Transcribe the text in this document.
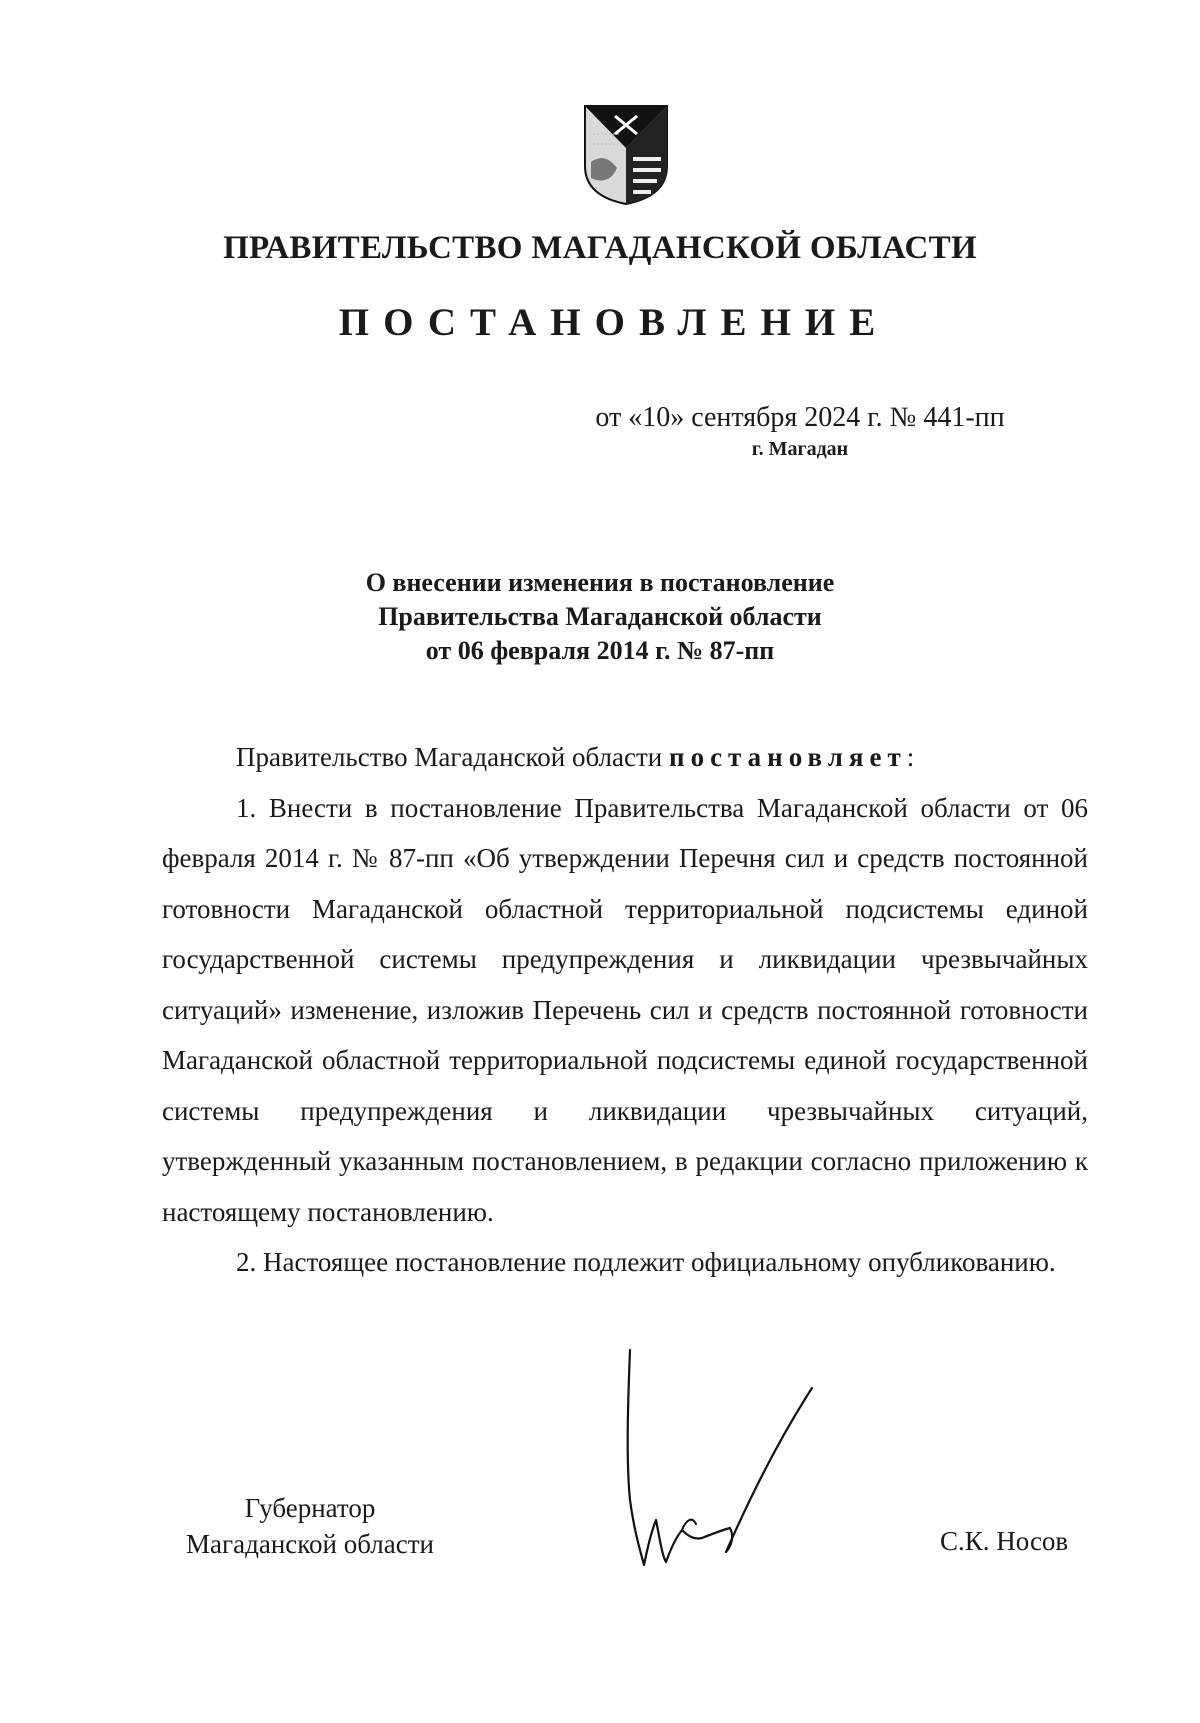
ПРАВИТЕЛЬСТВО МАГАДАНСКОЙ ОБЛАСТИ
ПОСТАНОВЛЕНИЕ
от «10» сентября 2024 г. № 441-пп
г. Магадан
О внесении изменения в постановление
Правительства Магаданской области
от 06 февраля 2014 г. № 87-пп

Правительство Магаданской области постановляет:

1. Внести в постановление Правительства Магаданской области от 06 февраля 2014 г. № 87-пп «Об утверждении Перечня сил и средств постоянной готовности Магаданской областной территориальной подсистемы единой государственной системы предупреждения и ликвидации чрезвычайных ситуаций» изменение, изложив Перечень сил и средств постоянной готовности Магаданской областной территориальной подсистемы единой государственной системы предупреждения и ликвидации чрезвычайных ситуаций, утвержденный указанным постановлением, в редакции согласно приложению к настоящему постановлению.

2. Настоящее постановление подлежит официальному опубликованию.

Губернатор
Магаданской области	С.К. Носов
